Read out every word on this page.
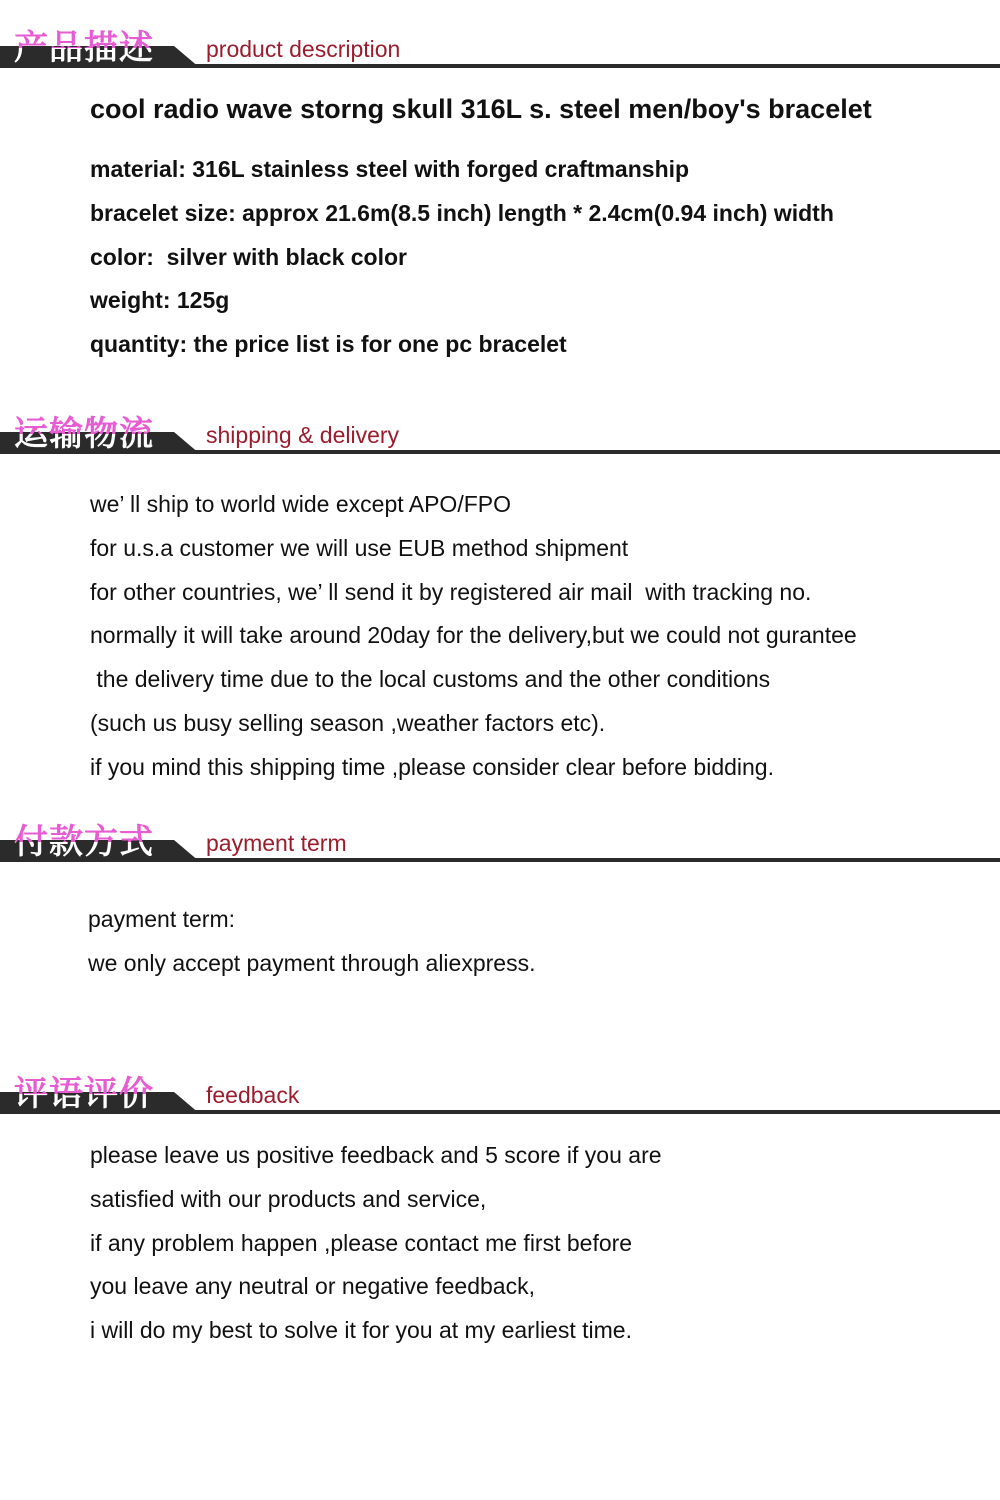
产品描述 product description
cool radio wave storng skull 316L s. steel men/boy's bracelet
material: 316L stainless steel with forged craftmanship
bracelet size: approx 21.6m(8.5 inch) length * 2.4cm(0.94 inch) width
color:  silver with black color
weight: 125g
quantity: the price list is for one pc bracelet
运输物流 shipping & delivery
we’ ll ship to world wide except APO/FPO
for u.s.a customer we will use EUB method shipment
for other countries, we’ ll send it by registered air mail  with tracking no.
normally it will take around 20day for the delivery,but we could not gurantee
the delivery time due to the local customs and the other conditions
(such us busy selling season ,weather factors etc).
if you mind this shipping time ,please consider clear before bidding.
付款方式 payment term
payment term:
we only accept payment through aliexpress.
评语评价 feedback
please leave us positive feedback and 5 score if you are
satisfied with our products and service,
if any problem happen ,please contact me first before
you leave any neutral or negative feedback,
i will do my best to solve it for you at my earliest time.
